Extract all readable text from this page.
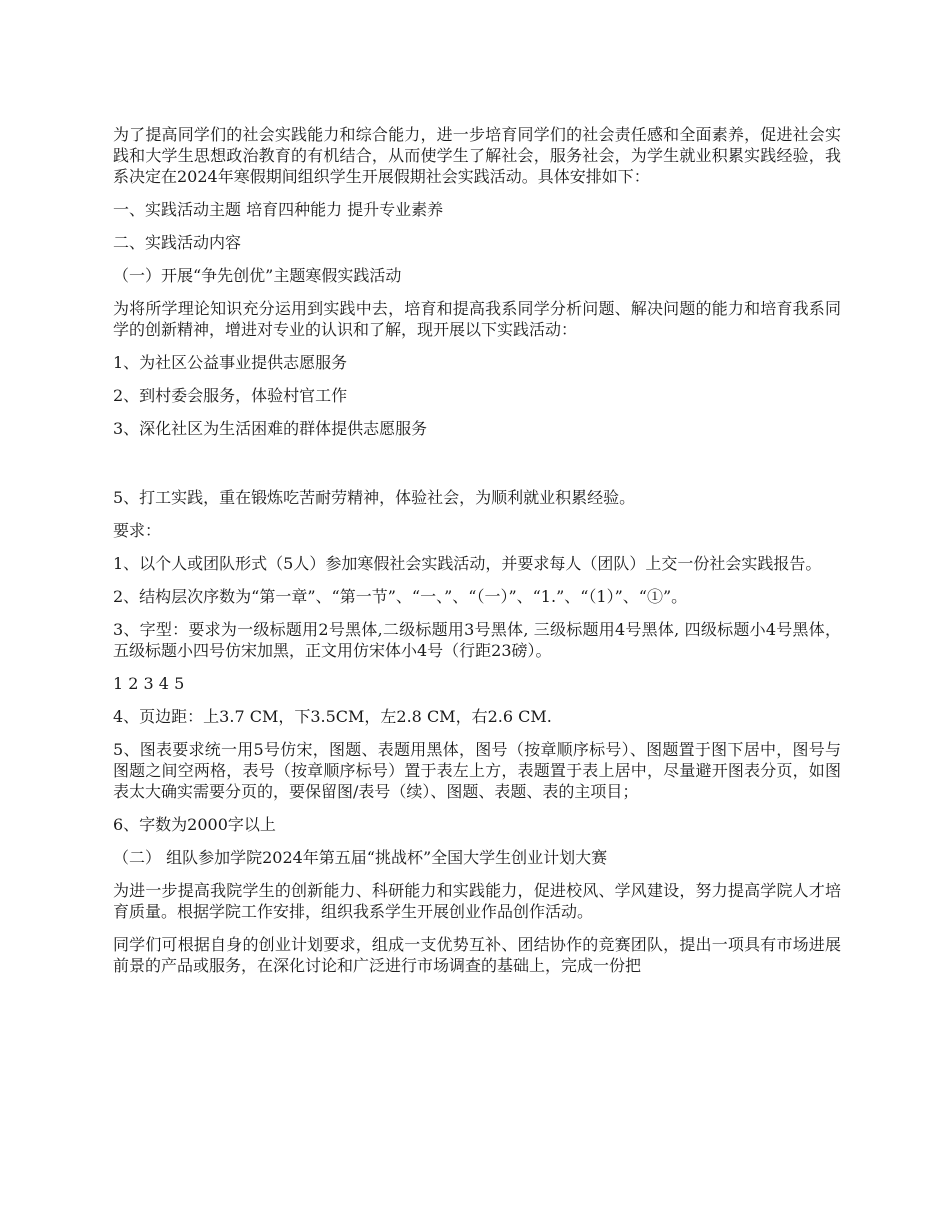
为了提高同学们的社会实践能力和综合能力，进一步培育同学们的社会责任感和全面素养，促进社会实践和大学生思想政治教育的有机结合，从而使学生了解社会，服务社会，为学生就业积累实践经验，我系决定在2024年寒假期间组织学生开展假期社会实践活动。具体安排如下：

一、实践活动主题 培育四种能力 提升专业素养

二、实践活动内容

（一）开展“争先创优”主题寒假实践活动

为将所学理论知识充分运用到实践中去，培育和提高我系同学分析问题、解决问题的能力和培育我系同学的创新精神，增进对专业的认识和了解，现开展以下实践活动：

1、为社区公益事业提供志愿服务

2、到村委会服务，体验村官工作

3、深化社区为生活困难的群体提供志愿服务

5、打工实践，重在锻炼吃苦耐劳精神，体验社会，为顺利就业积累经验。

要求：

1、以个人或团队形式（5人）参加寒假社会实践活动，并要求每人（团队）上交一份社会实践报告。

2、结构层次序数为“第一章”、“第一节”、“一、”、“（一）”、“1.”、“（1）”、“①”。

3、字型：要求为一级标题用2号黑体,二级标题用3号黑体, 三级标题用4号黑体, 四级标题小4号黑体，五级标题小四号仿宋加黑，正文用仿宋体小4号（行距23磅）。

1 2 3 4 5

4、页边距：上3.7 CM，下3.5CM，左2.8 CM，右2.6 CM.

5、图表要求统一用5号仿宋，图题、表题用黑体，图号（按章顺序标号）、图题置于图下居中，图号与图题之间空两格，表号（按章顺序标号）置于表左上方，表题置于表上居中，尽量避开图表分页，如图表太大确实需要分页的，要保留图/表号（续）、图题、表题、表的主项目；

6、字数为2000字以上

（二） 组队参加学院2024年第五届“挑战杯”全国大学生创业计划大赛

为进一步提高我院学生的创新能力、科研能力和实践能力，促进校风、学风建设，努力提高学院人才培育质量。根据学院工作安排，组织我系学生开展创业作品创作活动。

同学们可根据自身的创业计划要求，组成一支优势互补、团结协作的竞赛团队，提出一项具有市场进展前景的产品或服务，在深化讨论和广泛进行市场调查的基础上，完成一份把
